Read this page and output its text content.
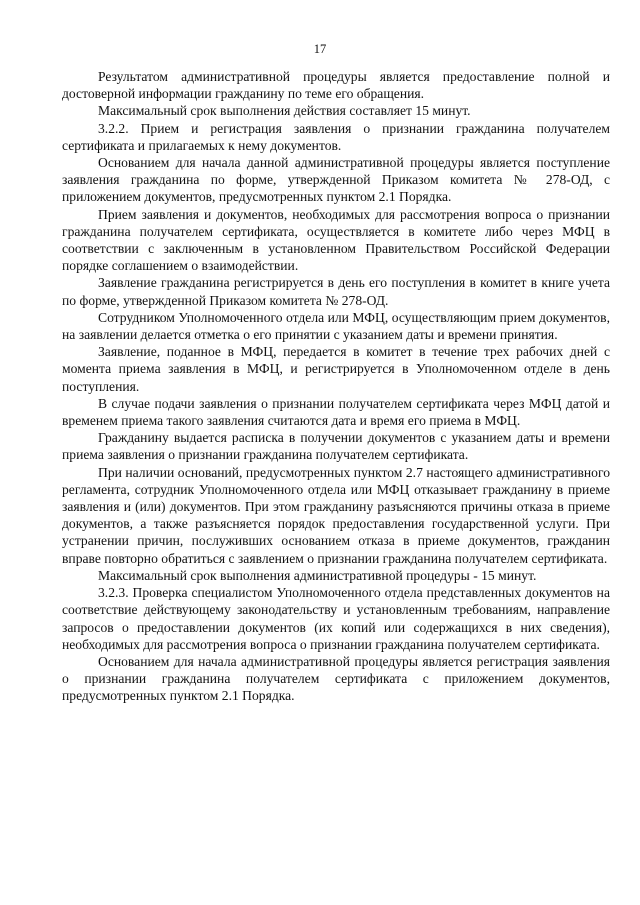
17

Результатом административной процедуры является предоставление полной и достоверной информации гражданину по теме его обращения.

Максимальный срок выполнения действия составляет 15 минут.

3.2.2. Прием и регистрация заявления о признании гражданина получателем сертификата и прилагаемых к нему документов.

Основанием для начала данной административной процедуры является поступление заявления гражданина по форме, утвержденной Приказом комитета № 278-ОД, с приложением документов, предусмотренных пунктом 2.1 Порядка.

Прием заявления и документов, необходимых для рассмотрения вопроса о признании гражданина получателем сертификата, осуществляется в комитете либо через МФЦ в соответствии с заключенным в установленном Правительством Российской Федерации порядке соглашением о взаимодействии.

Заявление гражданина регистрируется в день его поступления в комитет в книге учета по форме, утвержденной Приказом комитета № 278-ОД.

Сотрудником Уполномоченного отдела или МФЦ, осуществляющим прием документов, на заявлении делается отметка о его принятии с указанием даты и времени принятия.

Заявление, поданное в МФЦ, передается в комитет в течение трех рабочих дней с момента приема заявления в МФЦ, и регистрируется в Уполномоченном отделе в день поступления.

В случае подачи заявления о признании получателем сертификата через МФЦ датой и временем приема такого заявления считаются дата и время его приема в МФЦ.

Гражданину выдается расписка в получении документов с указанием даты и времени приема заявления о признании гражданина получателем сертификата.

При наличии оснований, предусмотренных пунктом 2.7 настоящего административного регламента, сотрудник Уполномоченного отдела или МФЦ отказывает гражданину в приеме заявления и (или) документов. При этом гражданину разъясняются причины отказа в приеме документов, а также разъясняется порядок предоставления государственной услуги. При устранении причин, послуживших основанием отказа в приеме документов, гражданин вправе повторно обратиться с заявлением о признании гражданина получателем сертификата.

Максимальный срок выполнения административной процедуры - 15 минут.

3.2.3. Проверка специалистом Уполномоченного отдела представленных документов на соответствие действующему законодательству и установленным требованиям, направление запросов о предоставлении документов (их копий или содержащихся в них сведения), необходимых для рассмотрения вопроса о признании гражданина получателем сертификата.

Основанием для начала административной процедуры является регистрация заявления о признании гражданина получателем сертификата с приложением документов, предусмотренных пунктом 2.1 Порядка.
